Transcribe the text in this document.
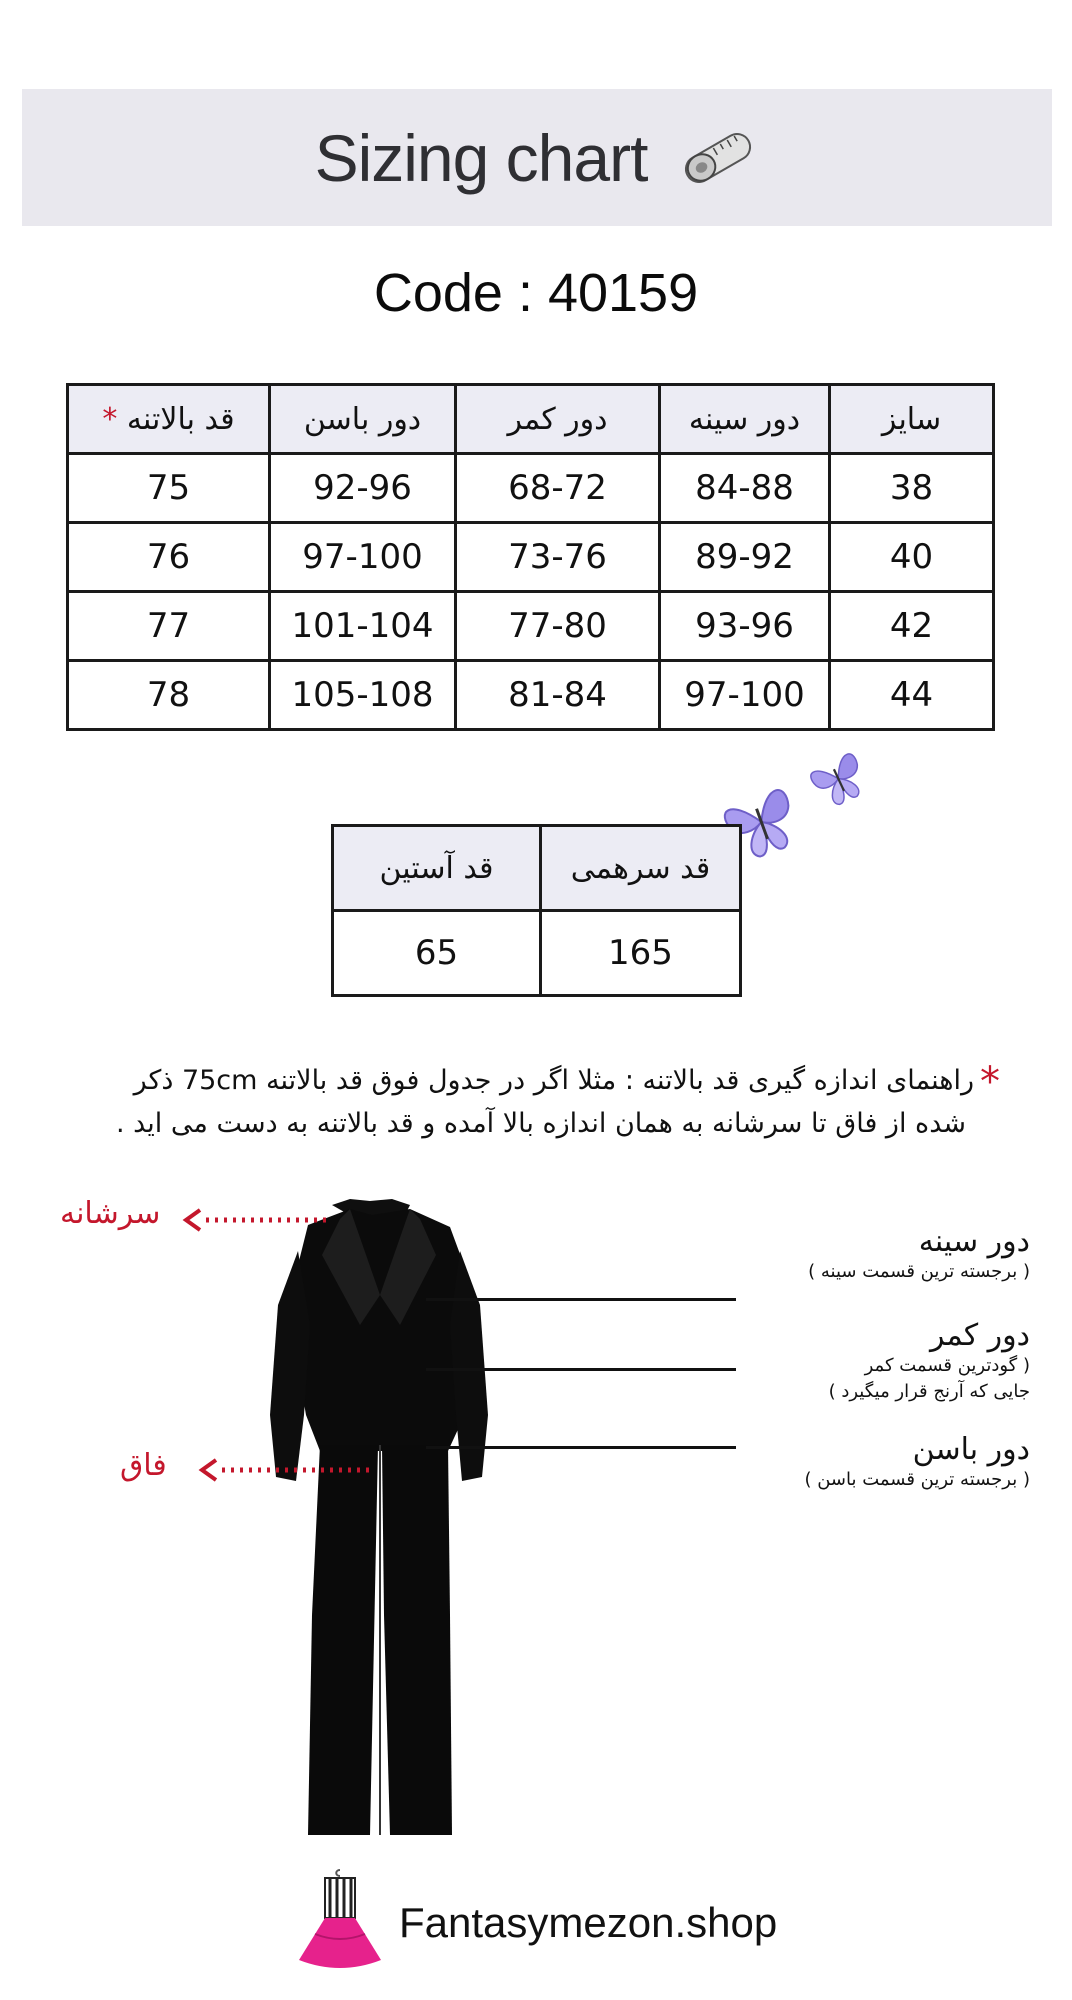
Sizing chart
Code : 40159
قد بالاتنه *	دور باسن	دور کمر	دور سینه	سایز
75	92-96	68-72	84-88	38
76	97-100	73-76	89-92	40
77	101-104	77-80	93-96	42
78	105-108	81-84	97-100	44
قد آستین	قد سرهمی
65	165
*راهنمای اندازه گیری قد بالاتنه : مثلا اگر در جدول فوق قد بالاتنه 75cm ذکر
شده از فاق تا سرشانه به همان اندازه بالا آمده و قد بالاتنه به دست می اید .
سرشانه
فاق
دور سینه
( برجسته ترین قسمت سینه )
دور کمر
( گودترین قسمت کمر
جایی که آرنج قرار میگیرد )
دور باسن
( برجسته ترین قسمت باسن )
Fantasymezon.shop
